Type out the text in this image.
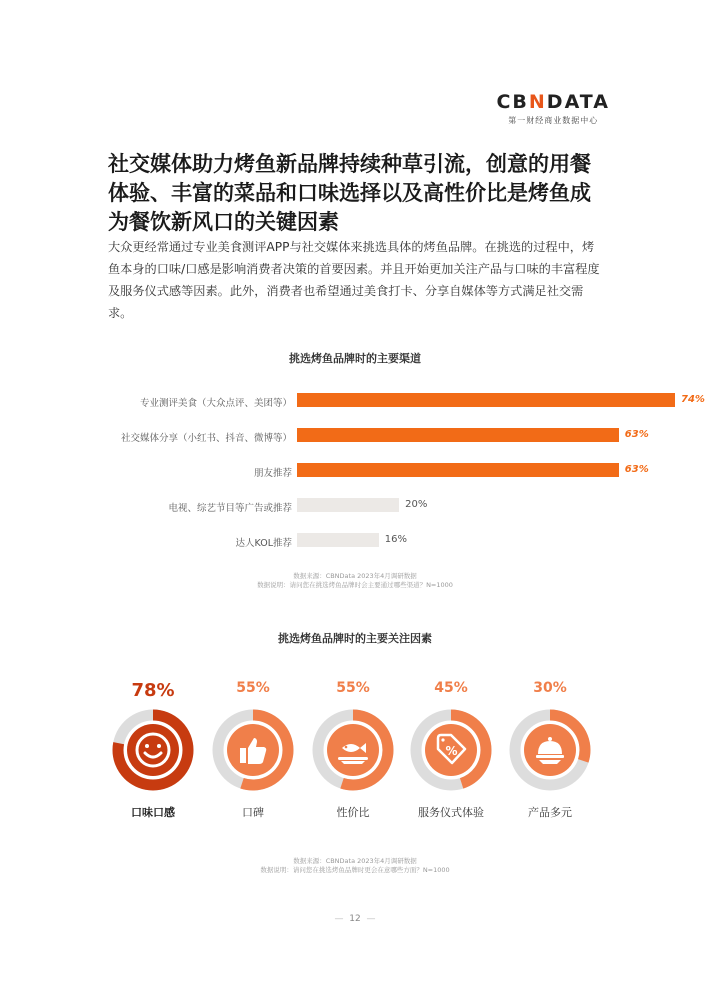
CBNDATA
第一财经商业数据中心
社交媒体助力烤鱼新品牌持续种草引流，创意的用餐体验、丰富的菜品和口味选择以及高性价比是烤鱼成为餐饮新风口的关键因素
大众更经常通过专业美食测评APP与社交媒体来挑选具体的烤鱼品牌。在挑选的过程中，烤鱼本身的口味/口感是影响消费者决策的首要因素。并且开始更加关注产品与口味的丰富程度及服务仪式感等因素。此外，消费者也希望通过美食打卡、分享自媒体等方式满足社交需求。
挑选烤鱼品牌时的主要渠道
专业测评美食（大众点评、美团等）	74%
社交媒体分享（小红书、抖音、微博等）	63%
朋友推荐	63%
电视、综艺节目等广告或推荐	20%
达人KOL推荐	16%
数据来源：CBNData 2023年4月调研数据
数据说明：请问您在挑选烤鱼品牌时会主要通过哪些渠道？N=1000
挑选烤鱼品牌时的主要关注因素
78%
口味口感
55%
口碑
55%
性价比
45%
%
服务仪式体验
30%
产品多元
数据来源：CBNData 2023年4月调研数据
数据说明：请问您在挑选烤鱼品牌时更会在意哪些方面？N=1000
—  12  —
